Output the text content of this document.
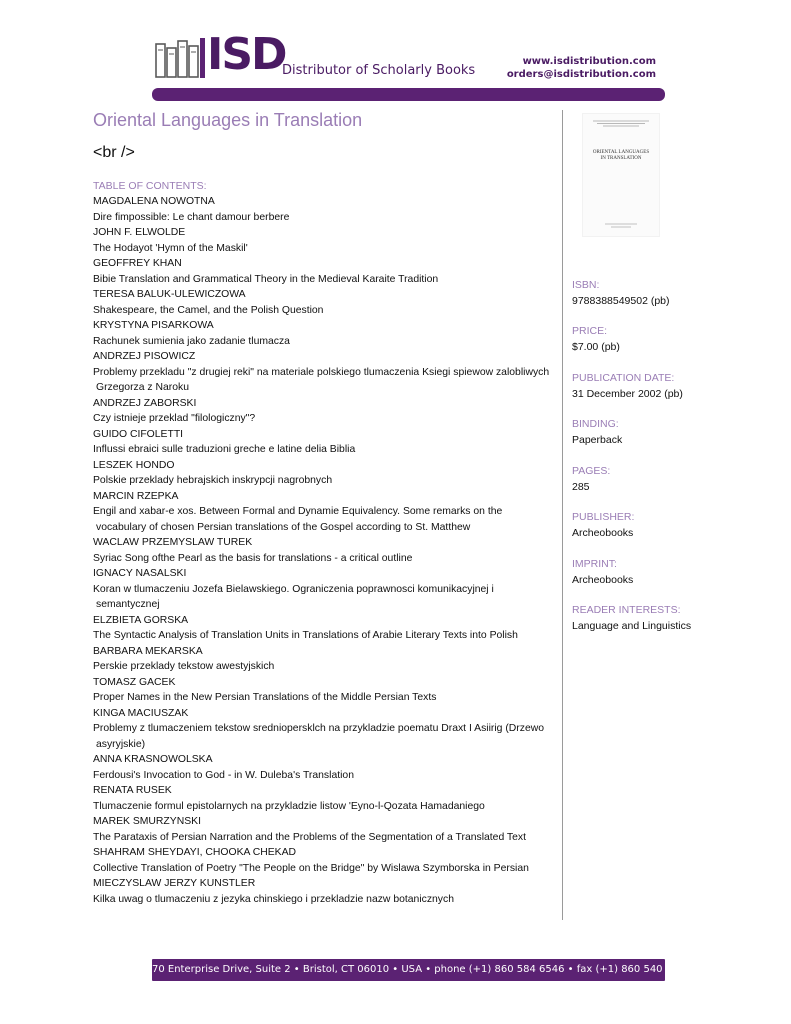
ISD
Distributor of Scholarly Books
www.isdistribution.com
orders@isdistribution.com
Oriental Languages in Translation
<br />
TABLE OF CONTENTS:

MAGDALENA NOWOTNA

Dire fimpossible: Le chant damour berbere

JOHN F. ELWOLDE

The Hodayot 'Hymn of the Maskil'

GEOFFREY KHAN

Bibie Translation and Grammatical Theory in the Medieval Karaite Tradition

TERESA BALUK-ULEWICZOWA

Shakespeare, the Camel, and the Polish Question

KRYSTYNA PISARKOWA

Rachunek sumienia jako zadanie tlumacza

ANDRZEJ PISOWICZ

Problemy przekladu "z drugiej reki" na materiale polskiego tlumaczenia Ksiegi spiewow zalobliwych Grzegorza z Naroku

ANDRZEJ ZABORSKI

Czy istnieje przeklad "filologiczny"?

GUIDO CIFOLETTI

Influssi ebraici sulle traduzioni greche e latine delia Biblia

LESZEK HONDO

Polskie przeklady hebrajskich inskrypcji nagrobnych

MARCIN RZEPKA

Engil and xabar-e xos. Between Formal and Dynamie Equivalency. Some remarks on the vocabulary of chosen Persian translations of the Gospel according to St. Matthew

WACLAW PRZEMYSLAW TUREK

Syriac Song ofthe Pearl as the basis for translations - a critical outline

IGNACY NASALSKI

Koran w tlumaczeniu Jozefa Bielawskiego. Ograniczenia poprawnosci komunikacyjnej i semantycznej

ELZBIETA GORSKA

The Syntactic Analysis of Translation Units in Translations of Arabie Literary Texts into Polish

BARBARA MEKARSKA

Perskie przeklady tekstow awestyjskich

TOMASZ GACEK

Proper Names in the New Persian Translations of the Middle Persian Texts

KINGA MACIUSZAK

Problemy z tlumaczeniem tekstow sredniopersklch na przykladzie poematu Draxt I Asiirig (Drzewo asyryjskie)

ANNA KRASNOWOLSKA

Ferdousi's Invocation to God - in W. Duleba's Translation

RENATA RUSEK

Tlumaczenie formul epistolarnych na przykladzie listow 'Eyno-l-Qozata Hamadaniego

MAREK SMURZYNSKI

The Parataxis of Persian Narration and the Problems of the Segmentation of a Translated Text

SHAHRAM SHEYDAYI, CHOOKA CHEKAD

Collective Translation of Poetry "The People on the Bridge" by Wislawa Szymborska in Persian

MIECZYSLAW JERZY KUNSTLER

Kilka uwag o tlumaczeniu z jezyka chinskiego i przekladzie nazw botanicznych

ORIENTAL LANGUAGES
IN TRANSLATION
ISBN:
9788388549502 (pb)
PRICE:
$7.00 (pb)
PUBLICATION DATE:
31 December 2002 (pb)
BINDING:
Paperback
PAGES:
285
PUBLISHER:
Archeobooks
IMPRINT:
Archeobooks
READER INTERESTS:
Language and Linguistics
70 Enterprise Drive, Suite 2 • Bristol, CT 06010 • USA • phone (+1) 860 584 6546 • fax (+1) 860 540 1001
